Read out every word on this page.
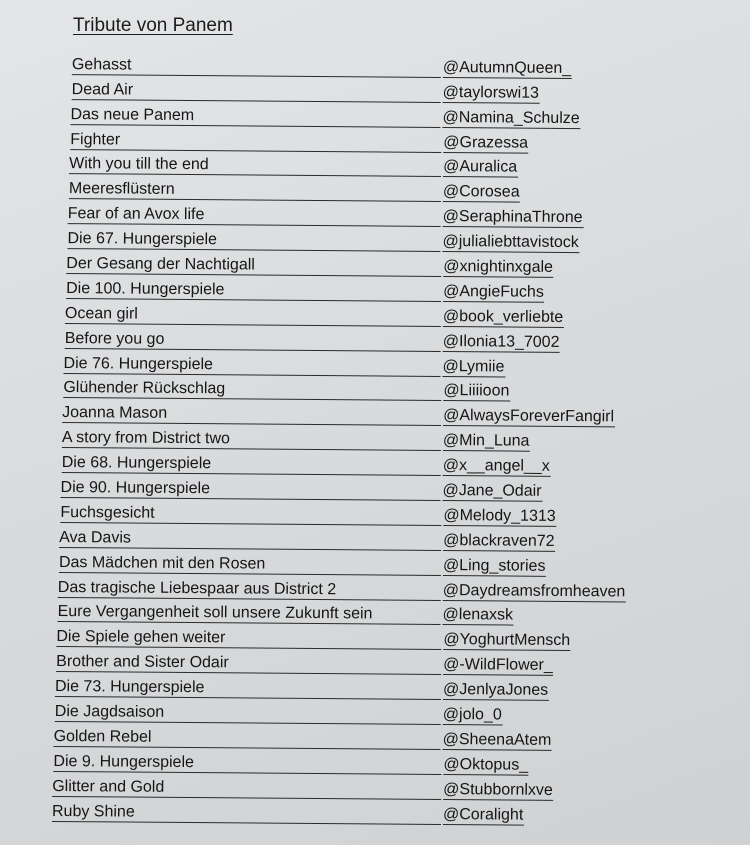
Tribute von Panem
Gehasst	@AutumnQueen_
Dead Air	@taylorswi13
Das neue Panem	@Namina_Schulze
Fighter	@Grazessa
With you till the end	@Auralica
Meeresflüstern	@Corosea
Fear of an Avox life	@SeraphinaThrone
Die 67. Hungerspiele	@julialiebttavistock
Der Gesang der Nachtigall	@xnightinxgale
Die 100. Hungerspiele	@AngieFuchs
Ocean girl	@book_verliebte
Before you go	@Ilonia13_7002
Die 76. Hungerspiele	@Lymiie
Glühender Rückschlag	@Liiiioon
Joanna Mason	@AlwaysForeverFangirl
A story from District two	@Min_Luna
Die 68. Hungerspiele	@x__angel__x
Die 90. Hungerspiele	@Jane_Odair
Fuchsgesicht	@Melody_1313
Ava Davis	@blackraven72
Das Mädchen mit den Rosen	@Ling_stories
Das tragische Liebespaar aus District 2	@Daydreamsfromheaven
Eure Vergangenheit soll unsere Zukunft sein	@lenaxsk
Die Spiele gehen weiter	@YoghurtMensch
Brother and Sister Odair	@-WildFlower_
Die 73. Hungerspiele	@JenlyaJones
Die Jagdsaison	@jolo_0
Golden Rebel	@SheenaAtem
Die 9. Hungerspiele	@Oktopus_
Glitter and Gold	@Stubbornlxve
Ruby Shine	@Coralight
